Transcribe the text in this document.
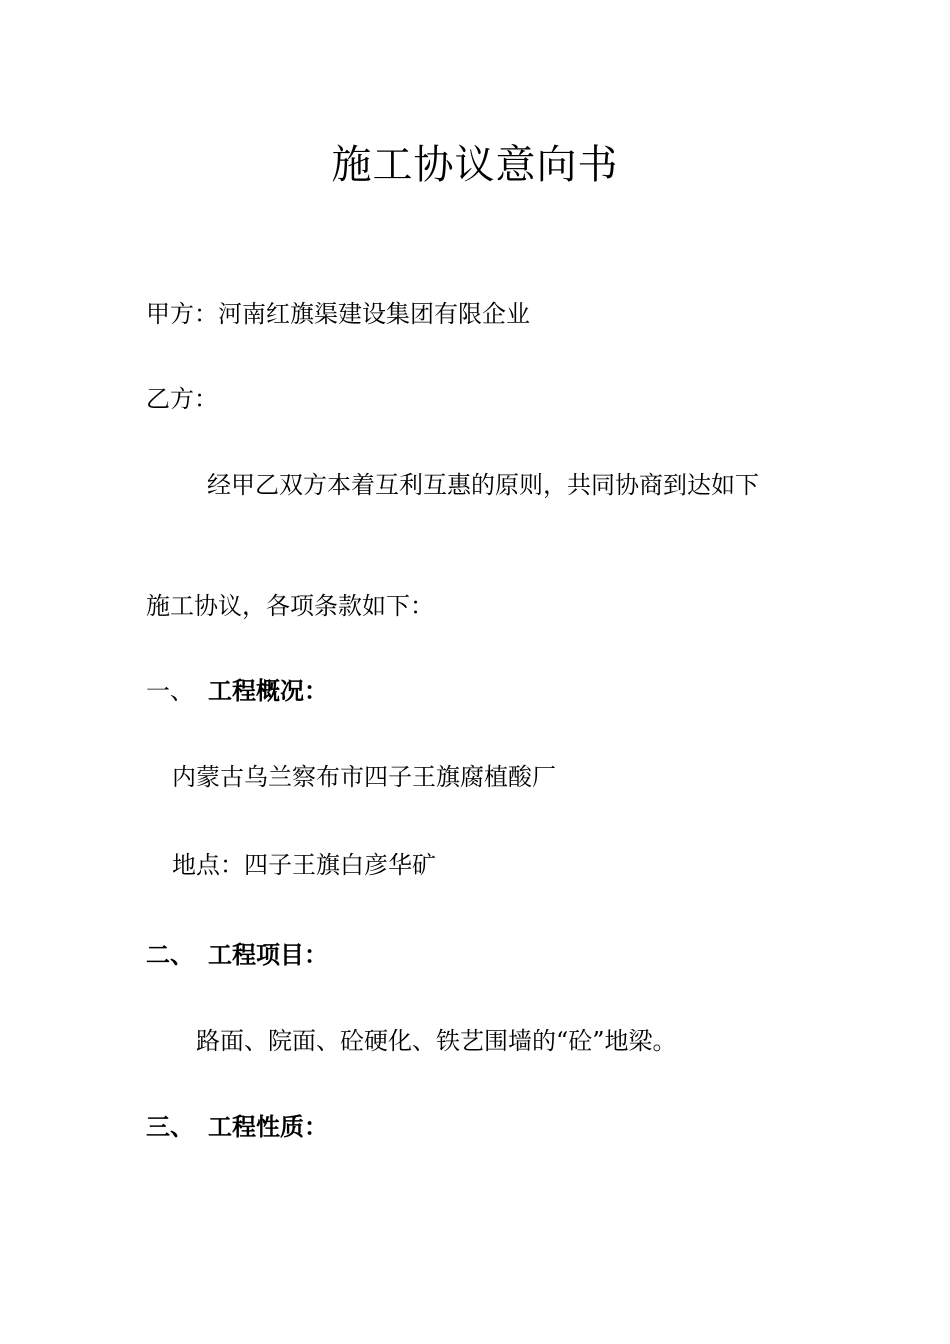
施工协议意向书
甲方：河南红旗渠建设集团有限企业
乙方：
经甲乙双方本着互利互惠的原则，共同协商到达如下
施工协议，各项条款如下：
一、 工程概况：
内蒙古乌兰察布市四子王旗腐植酸厂
地点：四子王旗白彦华矿
二、 工程项目：
路面、院面、砼硬化、铁艺围墙的“砼”地梁。
三、 工程性质：
